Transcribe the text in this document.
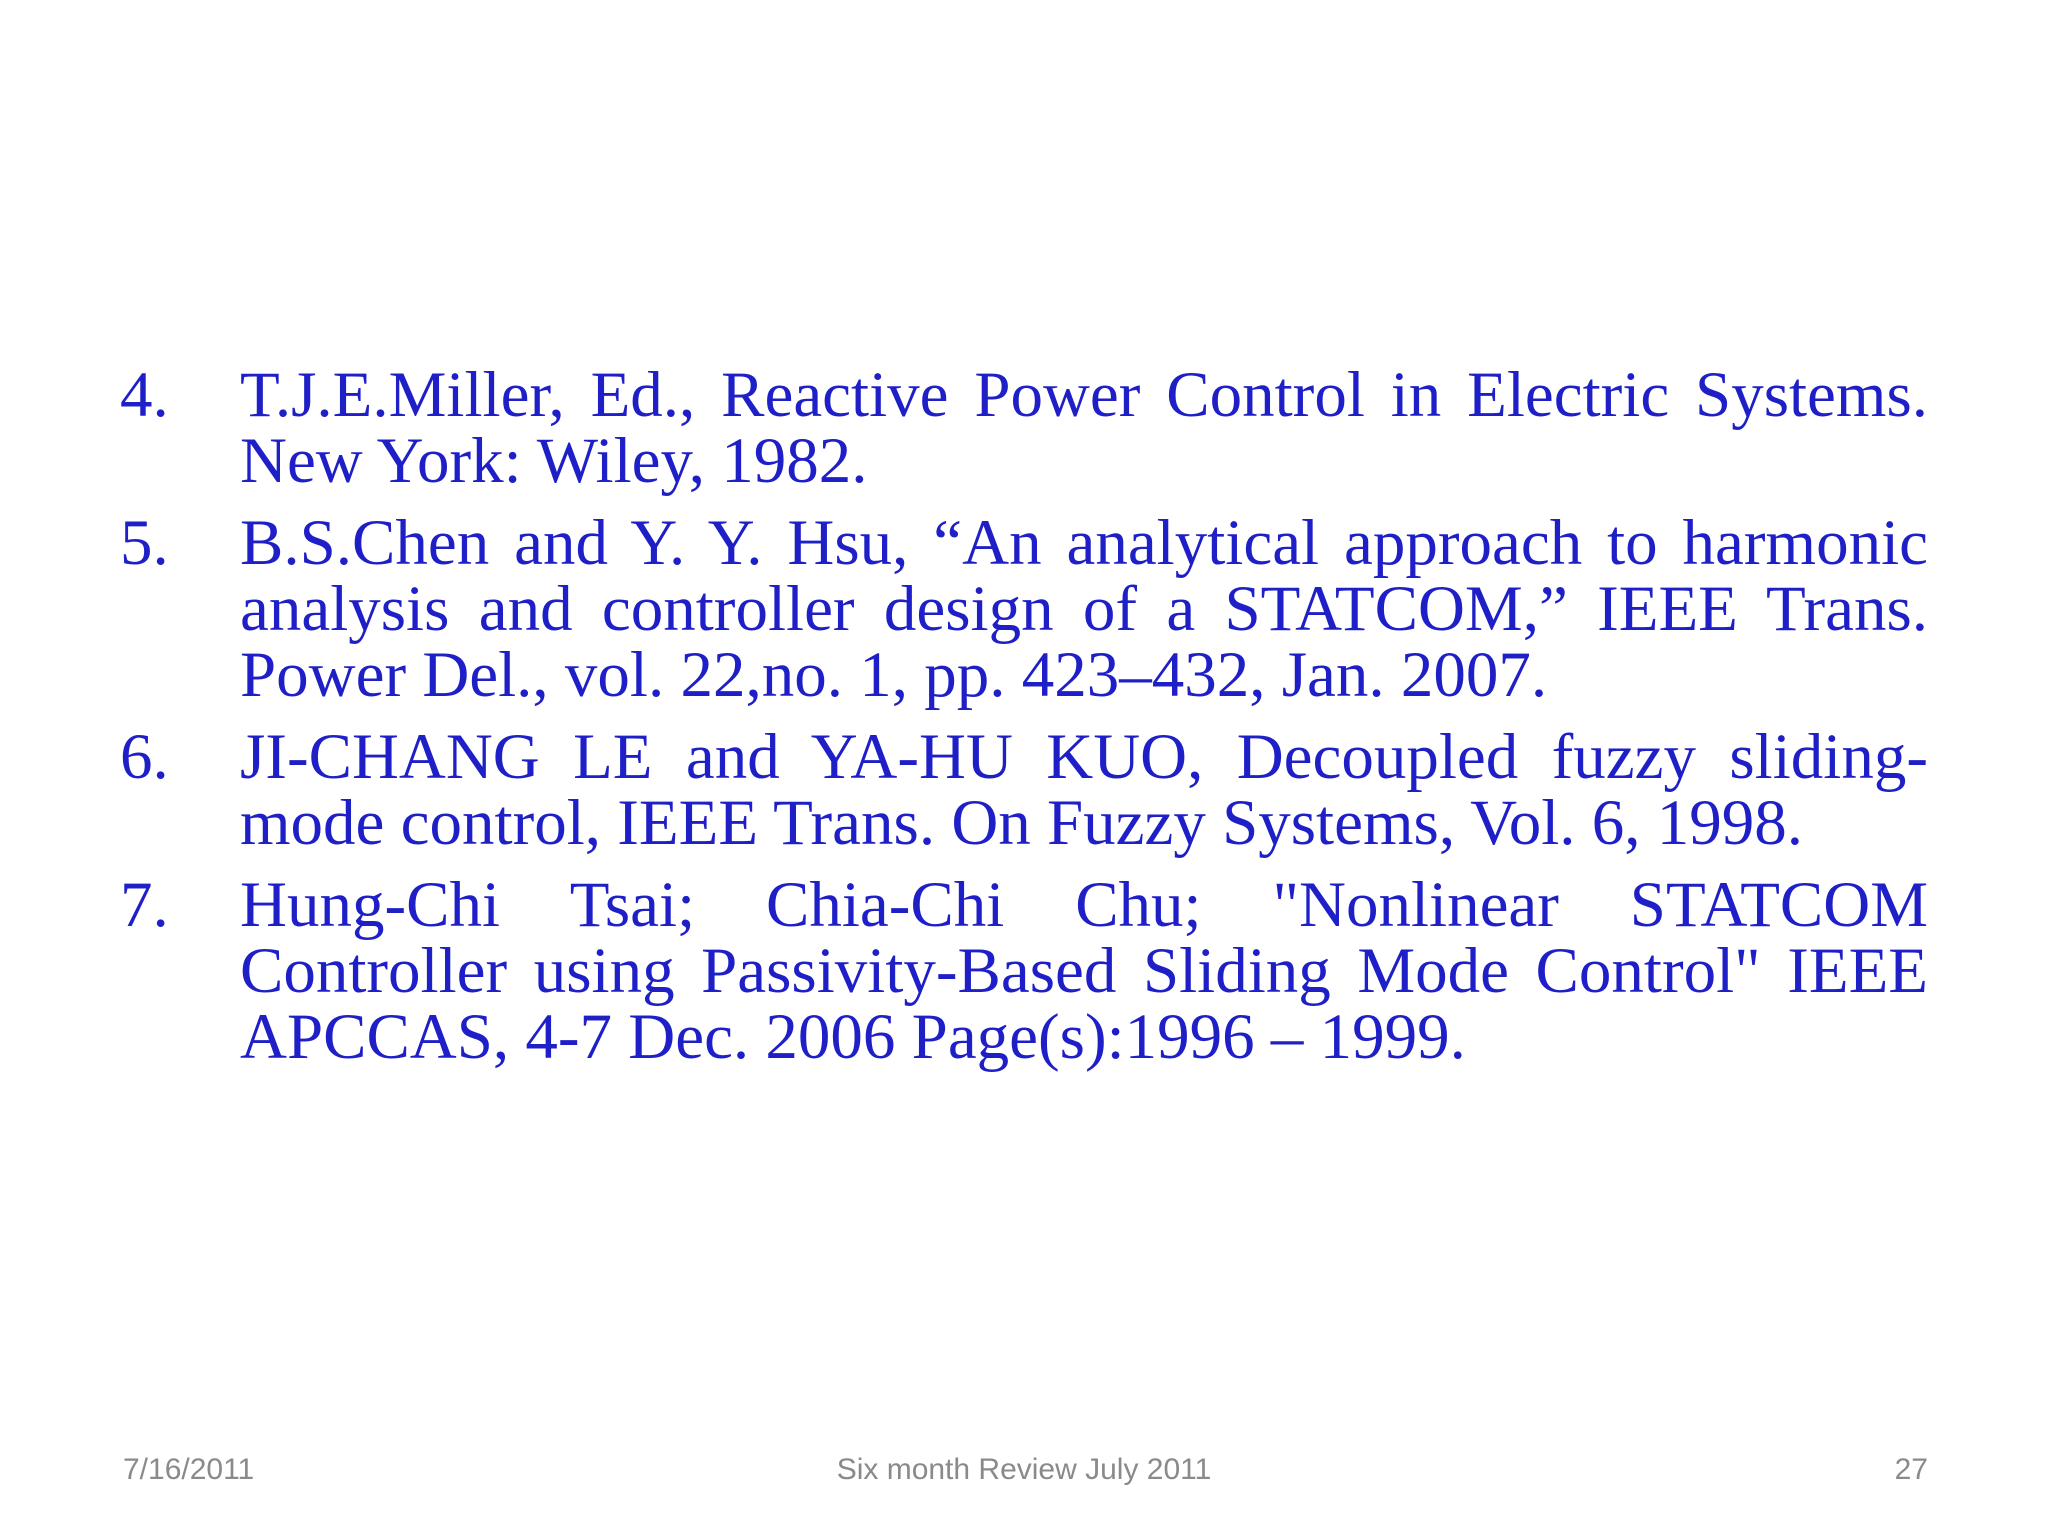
4.	T.J.E.Miller, Ed., Reactive Power Control in Electric Systems. New York: Wiley, 1982.
5.	B.S.Chen and Y. Y. Hsu, “An analytical approach to harmonic analysis and controller design of a STATCOM,” IEEE Trans. Power Del., vol. 22,no. 1, pp. 423–432, Jan. 2007.
6.	JI-CHANG LE and YA-HU KUO, Decoupled fuzzy sliding-mode control, IEEE Trans. On Fuzzy Systems, Vol. 6, 1998.
7.	Hung-Chi Tsai; Chia-Chi Chu; "Nonlinear STATCOM Controller using Passivity-Based Sliding Mode Control" IEEE APCCAS, 4-7 Dec. 2006 Page(s):1996 – 1999.
7/16/2011	Six month Review July 2011	27
